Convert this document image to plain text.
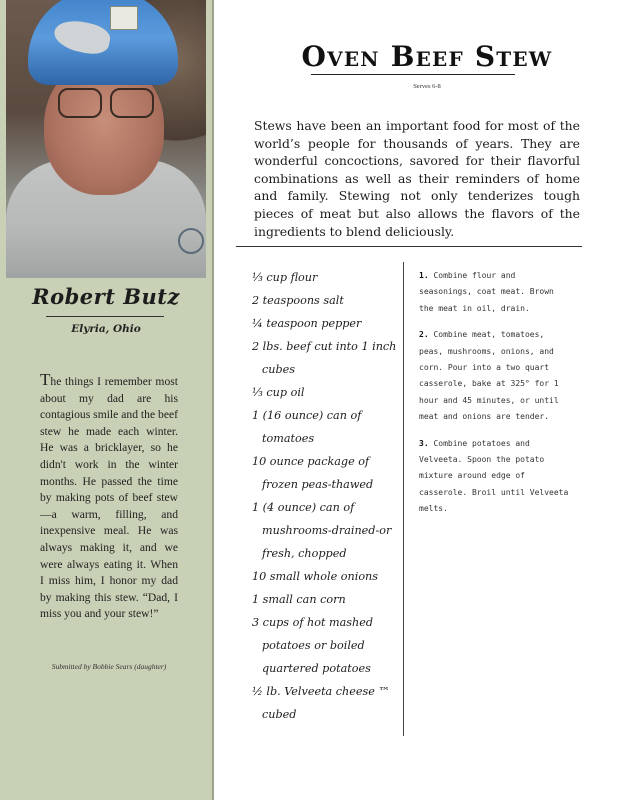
Robert Butz
Elyria, Ohio
The things I remember most about my dad are his contagious smile and the beef stew he made each winter. He was a bricklayer, so he didn't work in the winter months. He passed the time by making pots of beef stew—a warm, filling, and inexpensive meal. He was always making it, and we were always eating it. When I miss him, I honor my dad by making this stew. “Dad, I miss you and your stew!”
Submitted by Bobbie Sears (daughter)
Oven Beef Stew
Serves 6-8
Stews have been an important food for most of the world’s people for thousands of years. They are wonderful concoctions, savored for their flavorful combinations as well as their reminders of home and family. Stewing not only tenderizes tough pieces of meat but also allows the flavors of the ingredients to blend deliciously.
⅓ cup flour
2 teaspoons salt
¼ teaspoon pepper
2 lbs. beef cut into 1 inch cubes
⅓ cup oil
1 (16 ounce) can of tomatoes
10 ounce package of frozen peas-thawed
1 (4 ounce) can of mushrooms-drained-or fresh, chopped
10 small whole onions
1 small can corn
3 cups of hot mashed potatoes or boiled quartered potatoes
½ lb. Velveeta cheese ™ cubed
1. Combine flour and seasonings, coat meat. Brown the meat in oil, drain.
2. Combine meat, tomatoes, peas, mushrooms, onions, and corn. Pour into a two quart casserole, bake at 325° for 1 hour and 45 minutes, or until meat and onions are tender.
3. Combine potatoes and Velveeta. Spoon the potato mixture around edge of casserole. Broil until Velveeta melts.
